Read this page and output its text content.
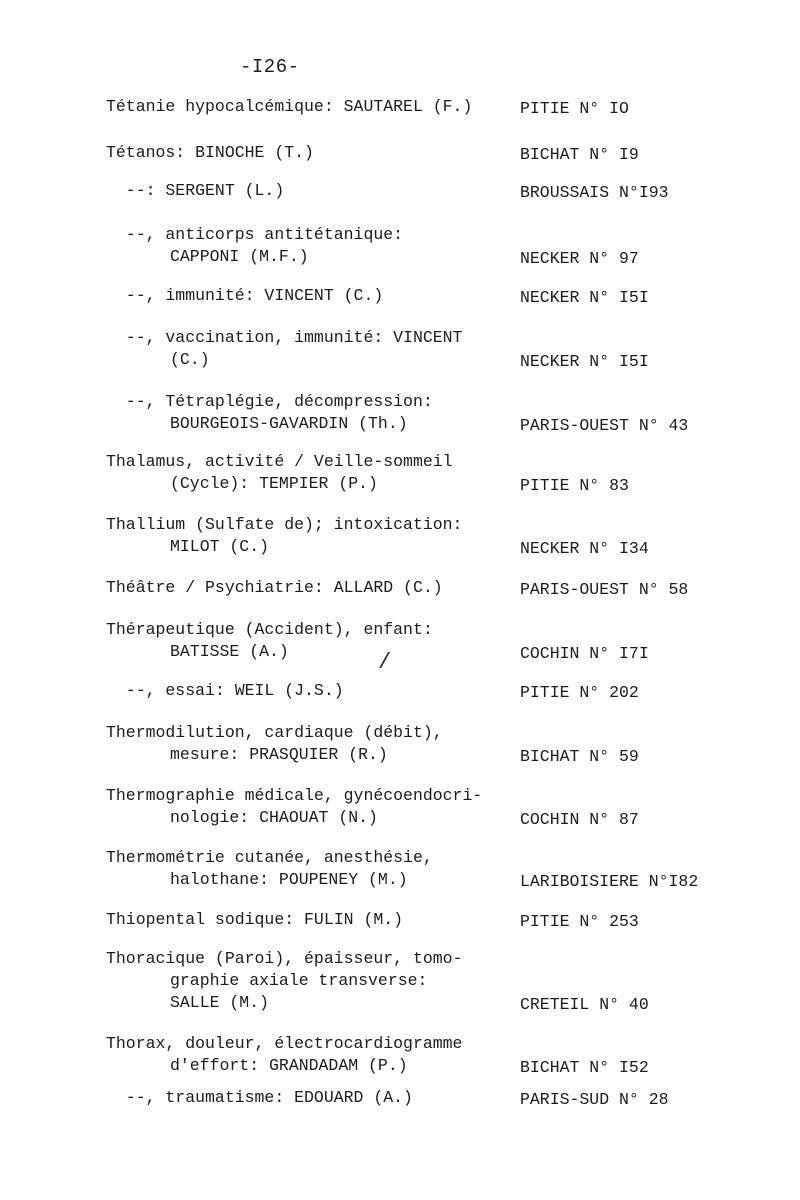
-I26-
/
Tétanie hypocalcémique: SAUTAREL (F.)	PITIE N° IO
Tétanos: BINOCHE (T.)	BICHAT N° I9
--: SERGENT (L.)	BROUSSAIS N°I93
--, anticorps antitétanique:
CAPPONI (M.F.)	NECKER N° 97
--, immunité: VINCENT (C.)	NECKER N° I5I
--, vaccination, immunité: VINCENT
(C.)	NECKER N° I5I
--, Tétraplégie, décompression:
BOURGEOIS-GAVARDIN (Th.)	PARIS-OUEST N° 43
Thalamus, activité / Veille-sommeil
(Cycle): TEMPIER (P.)	PITIE N° 83
Thallium (Sulfate de); intoxication:
MILOT (C.)	NECKER N° I34
Théâtre / Psychiatrie: ALLARD (C.)	PARIS-OUEST N° 58
Thérapeutique (Accident), enfant:
BATISSE (A.)	COCHIN N° I7I
--, essai: WEIL (J.S.)	PITIE N° 202
Thermodilution, cardiaque (débit),
mesure: PRASQUIER (R.)	BICHAT N° 59
Thermographie médicale, gynécoendocri-
nologie: CHAOUAT (N.)	COCHIN N° 87
Thermométrie cutanée, anesthésie,
halothane: POUPENEY (M.)	LARIBOISIERE N°I82
Thiopental sodique: FULIN (M.)	PITIE N° 253
Thoracique (Paroi), épaisseur, tomo-
graphie axiale transverse:
SALLE (M.)	CRETEIL N° 40
Thorax, douleur, électrocardiogramme
d'effort: GRANDADAM (P.)	BICHAT N° I52
--, traumatisme: EDOUARD (A.)	PARIS-SUD N° 28
